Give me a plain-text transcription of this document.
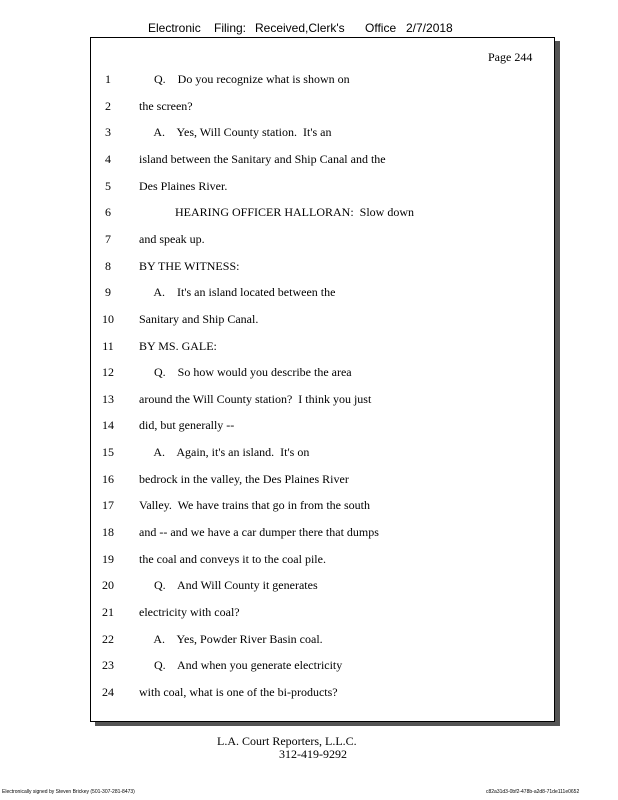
Electronic Filing: Received,Clerk's Office 2/7/2018
Page 244
1	Q.    Do you recognize what is shown on
2	the screen?
3	A.    Yes, Will County station.  It's an
4	island between the Sanitary and Ship Canal and the
5	Des Plaines River.
6	HEARING OFFICER HALLORAN:  Slow down
7	and speak up.
8	BY THE WITNESS:
9	A.    It's an island located between the
10 Sanitary and Ship Canal.
11 BY MS. GALE:
12 Q.    So how would you describe the area
13 around the Will County station?  I think you just
14 did, but generally --
15 A.    Again, it's an island.  It's on
16 bedrock in the valley, the Des Plaines River
17 Valley.  We have trains that go in from the south
18 and -- and we have a car dumper there that dumps
19 the coal and conveys it to the coal pile.
20 Q.    And Will County it generates
21 electricity with coal?
22 A.    Yes, Powder River Basin coal.
23 Q.    And when you generate electricity
24 with coal, what is one of the bi-products?
L.A. Court Reporters, L.L.C.
312-419-9292
Electronically signed by Steven Brickey (501-307-281-8473)	c82a31d3-0bf2-478b-a2d8-71de111e0652
